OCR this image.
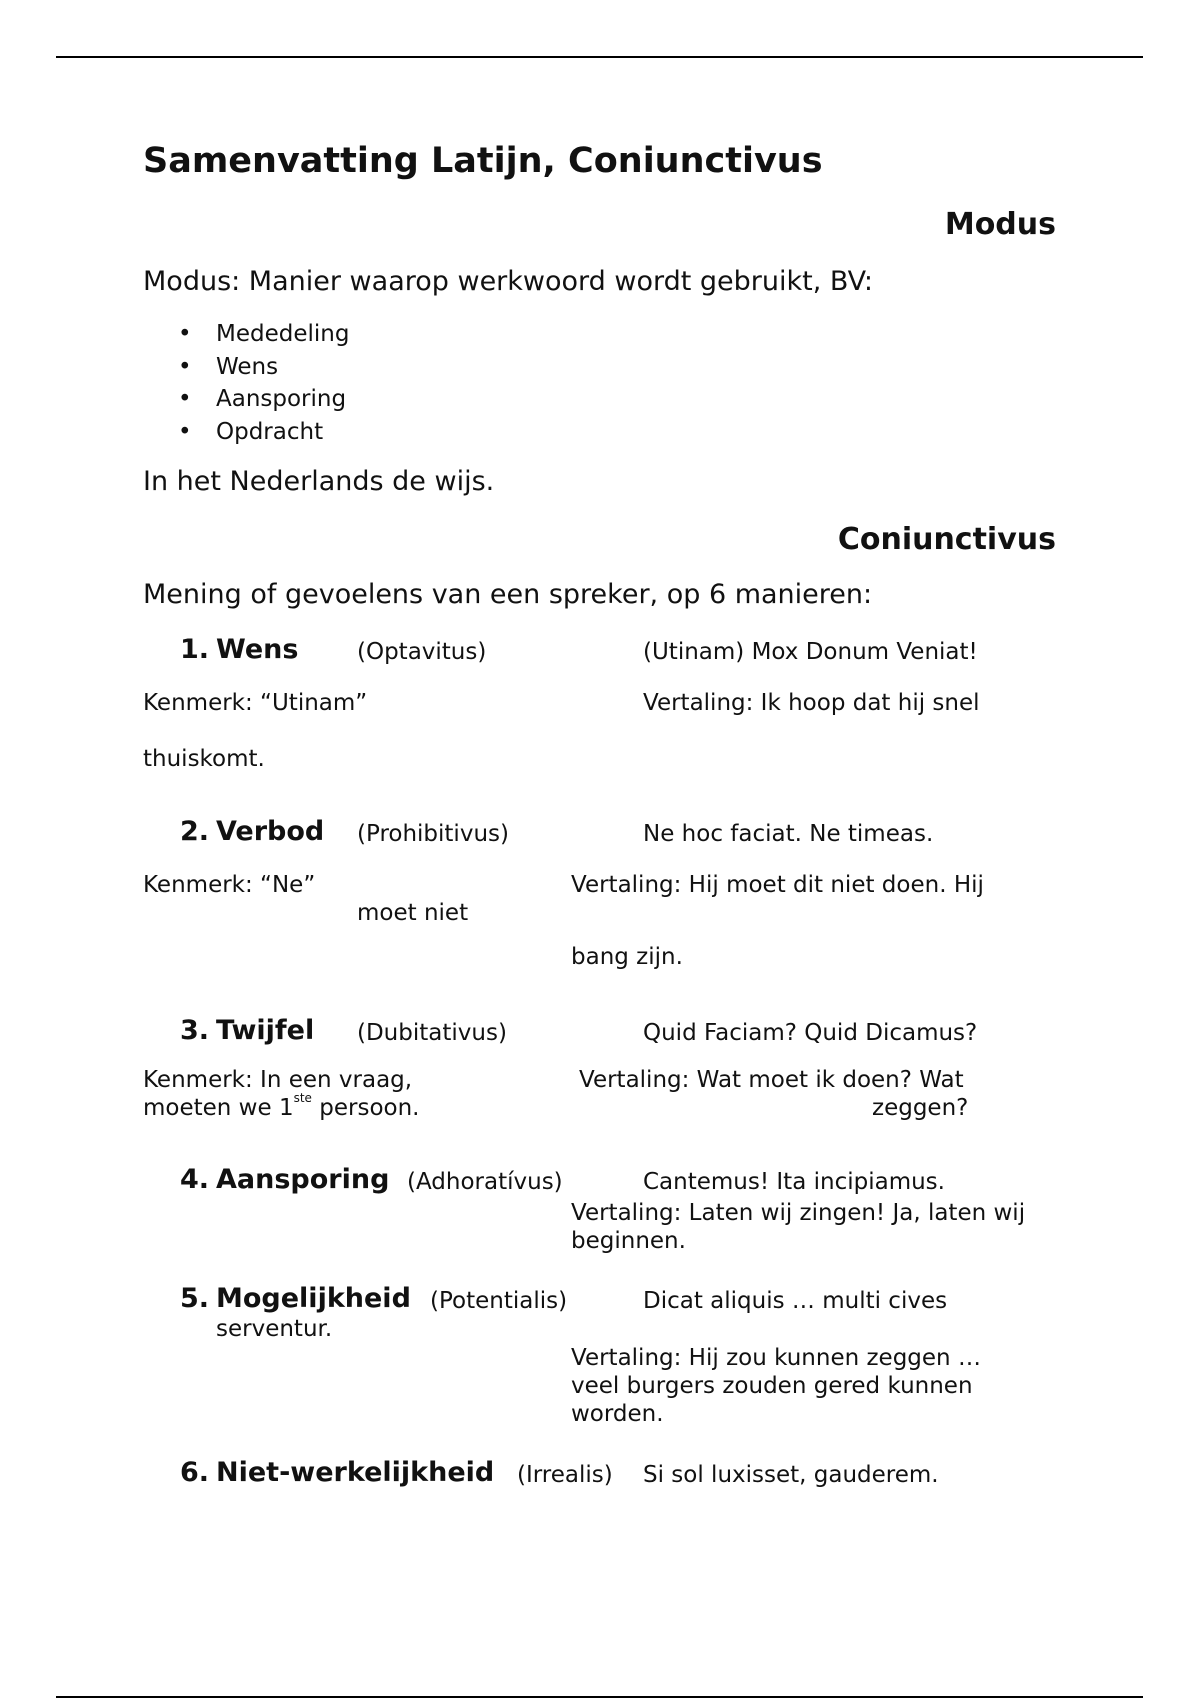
Samenvatting Latijn, Coniunctivus
Modus
Modus: Manier waarop werkwoord wordt gebruikt, BV:
• Mededeling
• Wens
• Aansporing
• Opdracht
In het Nederlands de wijs.
Coniunctivus
Mening of gevoelens van een spreker, op 6 manieren:
1. Wens	(Optavitus)	(Utinam) Mox Donum Veniat!
Kenmerk: “Utinam”	Vertaling: Ik hoop dat hij snel
thuiskomt.
2. Verbod (Prohibitivus)	Ne hoc faciat. Ne timeas.
Kenmerk: “Ne”	Vertaling: Hij moet dit niet doen. Hij
moet niet
bang zijn.
3. Twijfel (Dubitativus)	Quid Faciam? Quid Dicamus?
Kenmerk: In een vraag,
moeten we 1ste persoon.
Vertaling: Wat moet ik doen? Wat
zeggen?
4. Aansporing (Adhoratívus)	Cantemus! Ita incipiamus.
Vertaling: Laten wij zingen! Ja, laten wij
beginnen.
5. Mogelijkheid (Potentialis)	Dicat aliquis … multi cives
serventur.
Vertaling: Hij zou kunnen zeggen …
veel burgers zouden gered kunnen
worden.
6. Niet-werkelijkheid (Irrealis) Si sol luxisset, gauderem.
